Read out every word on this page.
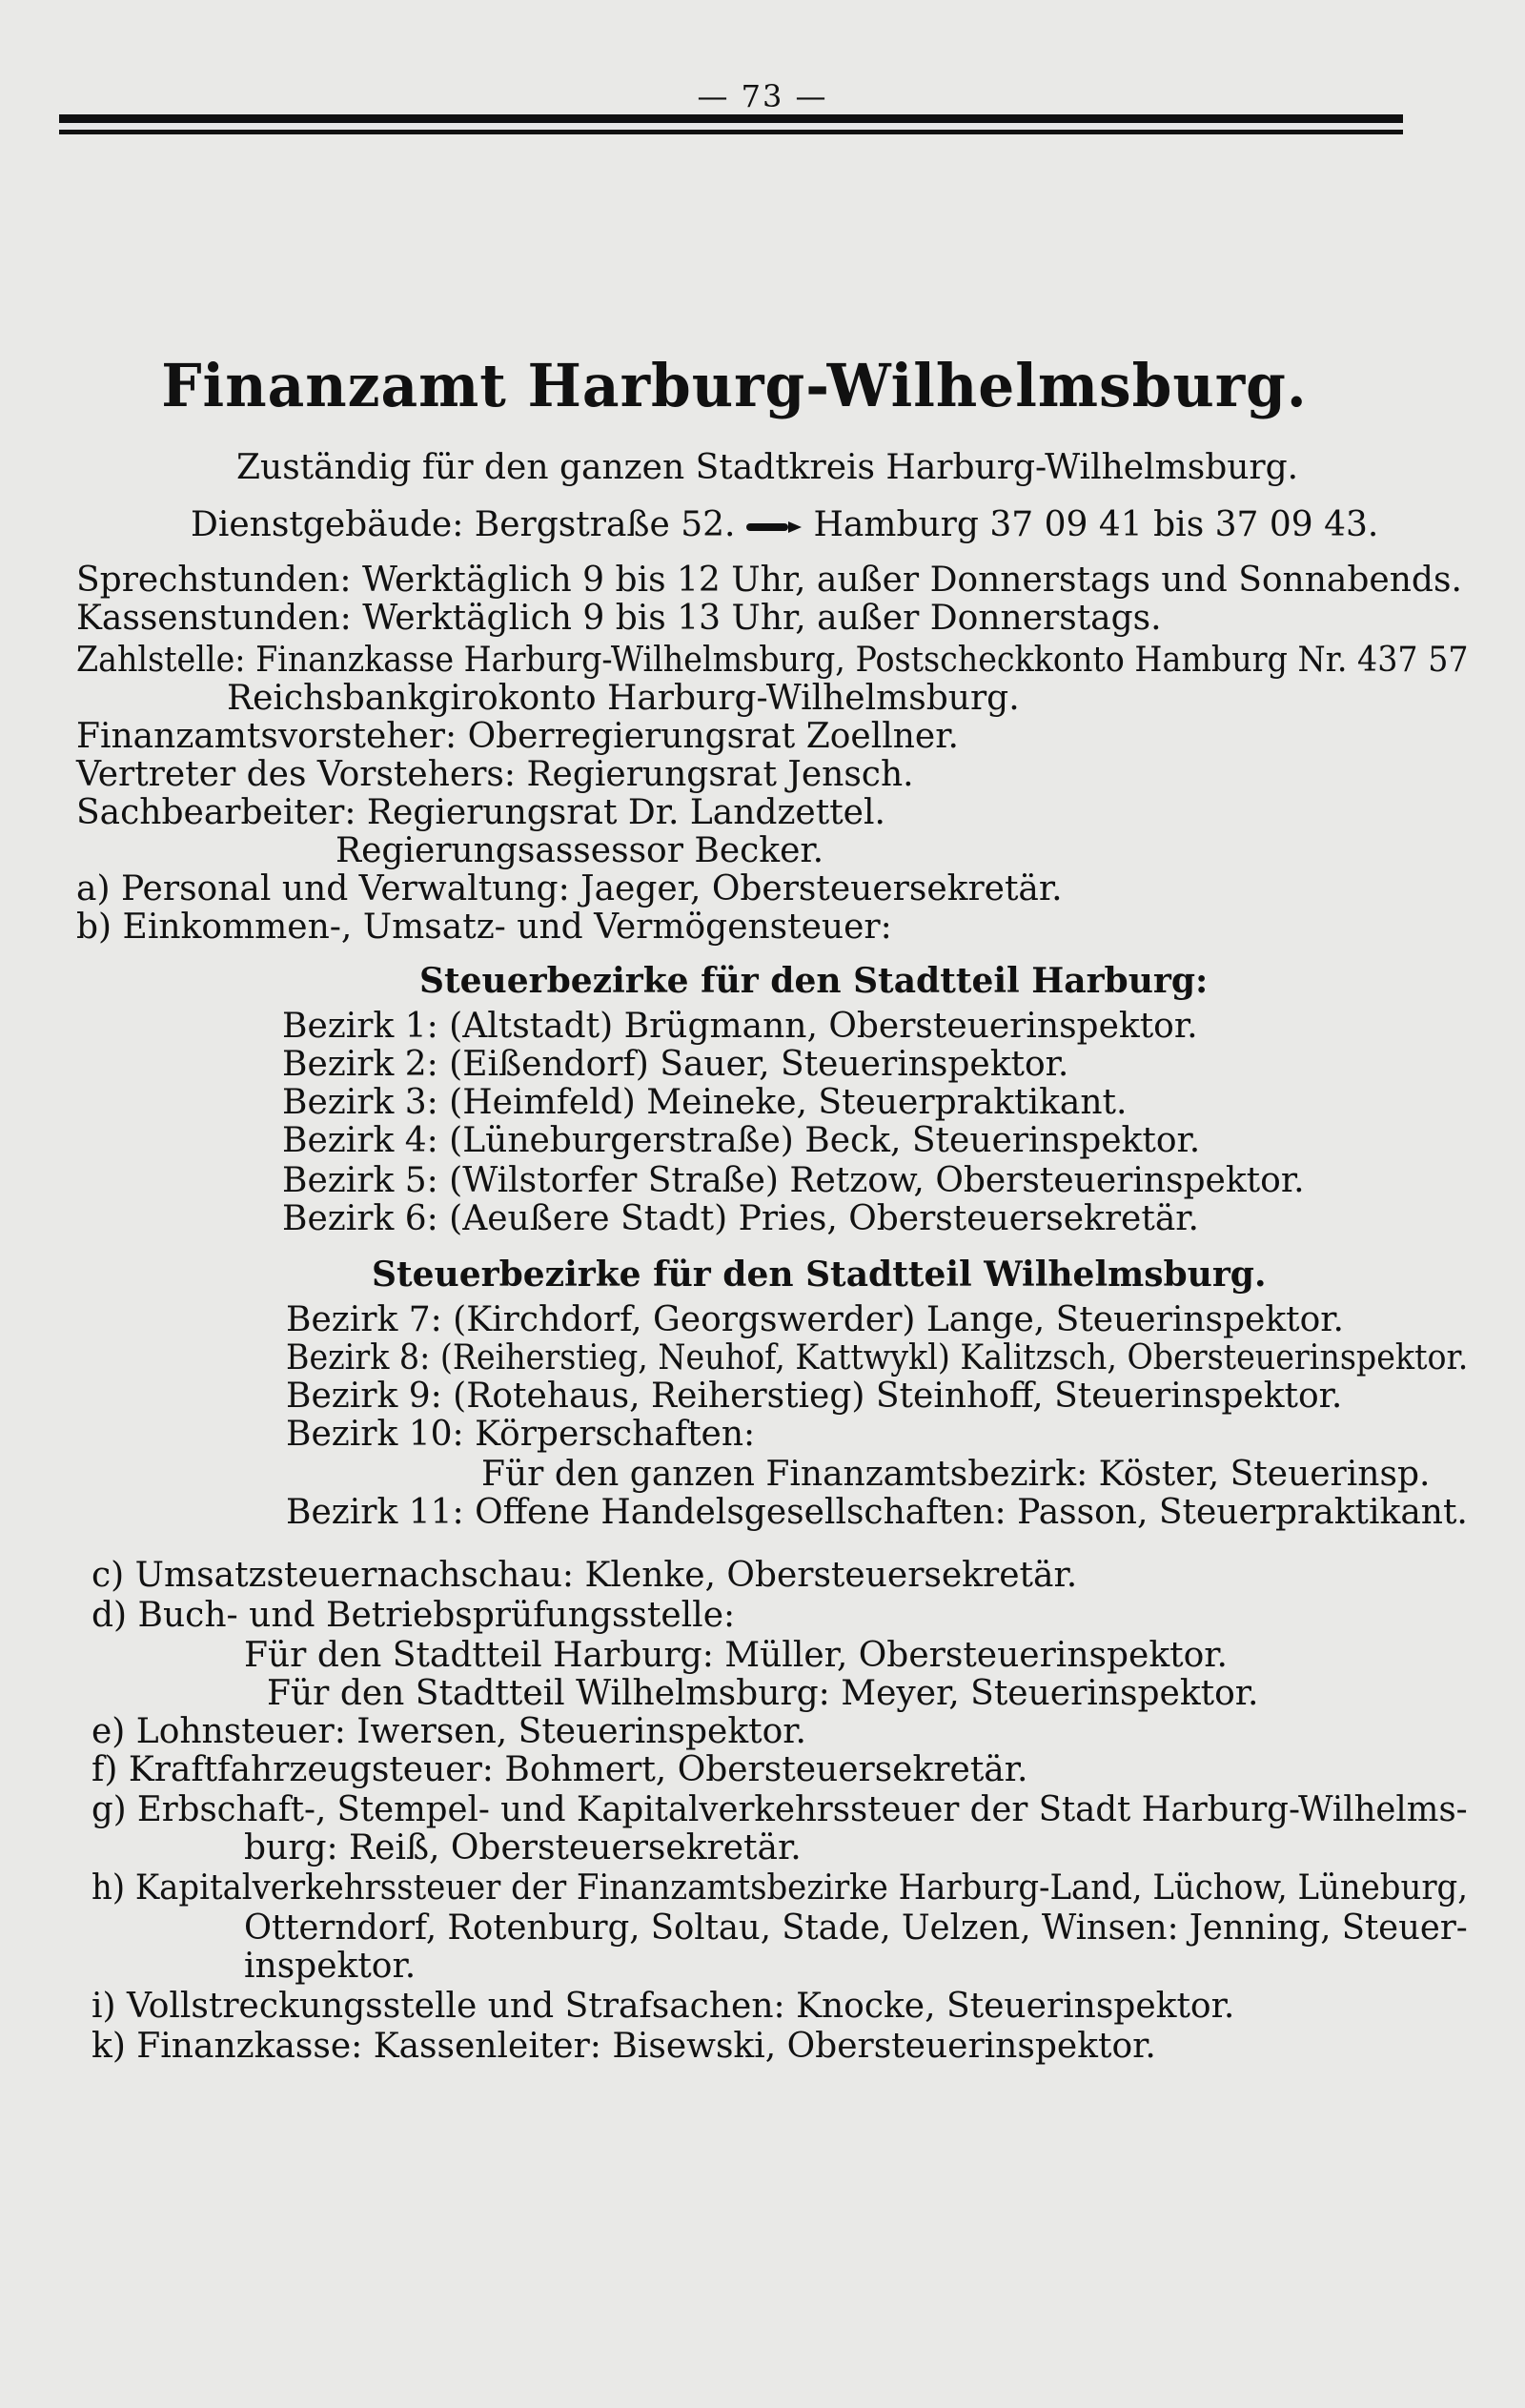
— 73 —
Finanzamt Harburg-Wilhelmsburg.
Zuständig für den ganzen Stadtkreis Harburg-Wilhelmsburg.
Dienstgebäude: Bergstraße 52. Hamburg 37 09 41 bis 37 09 43.
Sprechstunden: Werktäglich 9 bis 12 Uhr, außer Donnerstags und Sonnabends.
Kassenstunden: Werktäglich 9 bis 13 Uhr, außer Donnerstags.
Zahlstelle: Finanzkasse Harburg-Wilhelmsburg, Postscheckkonto Hamburg Nr. 437 57
Reichsbankgirokonto Harburg-Wilhelmsburg.
Finanzamtsvorsteher: Oberregierungsrat Zoellner.
Vertreter des Vorstehers: Regierungsrat Jensch.
Sachbearbeiter: Regierungsrat Dr. Landzettel.
Regierungsassessor Becker.
a) Personal und Verwaltung: Jaeger, Obersteuersekretär.
b) Einkommen-, Umsatz- und Vermögensteuer:
Steuerbezirke für den Stadtteil Harburg:
Bezirk 1: (Altstadt) Brügmann, Obersteuerinspektor.
Bezirk 2: (Eißendorf) Sauer, Steuerinspektor.
Bezirk 3: (Heimfeld) Meineke, Steuerpraktikant.
Bezirk 4: (Lüneburgerstraße) Beck, Steuerinspektor.
Bezirk 5: (Wilstorfer Straße) Retzow, Obersteuerinspektor.
Bezirk 6: (Aeußere Stadt) Pries, Obersteuersekretär.
Steuerbezirke für den Stadtteil Wilhelmsburg.
Bezirk 7: (Kirchdorf, Georgswerder) Lange, Steuerinspektor.
Bezirk 8: (Reiherstieg, Neuhof, Kattwykl) Kalitzsch, Obersteuerinspektor.
Bezirk 9: (Rotehaus, Reiherstieg) Steinhoff, Steuerinspektor.
Bezirk 10: Körperschaften:
Für den ganzen Finanzamtsbezirk: Köster, Steuerinsp.
Bezirk 11: Offene Handelsgesellschaften: Passon, Steuerpraktikant.
c) Umsatzsteuernachschau: Klenke, Obersteuersekretär.
d) Buch- und Betriebsprüfungsstelle:
Für den Stadtteil Harburg: Müller, Obersteuerinspektor.
Für den Stadtteil Wilhelmsburg: Meyer, Steuerinspektor.
e) Lohnsteuer: Iwersen, Steuerinspektor.
f) Kraftfahrzeugsteuer: Bohmert, Obersteuersekretär.
g) Erbschaft-, Stempel- und Kapitalverkehrssteuer der Stadt Harburg-Wilhelms-
burg: Reiß, Obersteuersekretär.
h) Kapitalverkehrssteuer der Finanzamtsbezirke Harburg-Land, Lüchow, Lüneburg,
Otterndorf, Rotenburg, Soltau, Stade, Uelzen, Winsen: Jenning, Steuer-
inspektor.
i) Vollstreckungsstelle und Strafsachen: Knocke, Steuerinspektor.
k) Finanzkasse: Kassenleiter: Bisewski, Obersteuerinspektor.
